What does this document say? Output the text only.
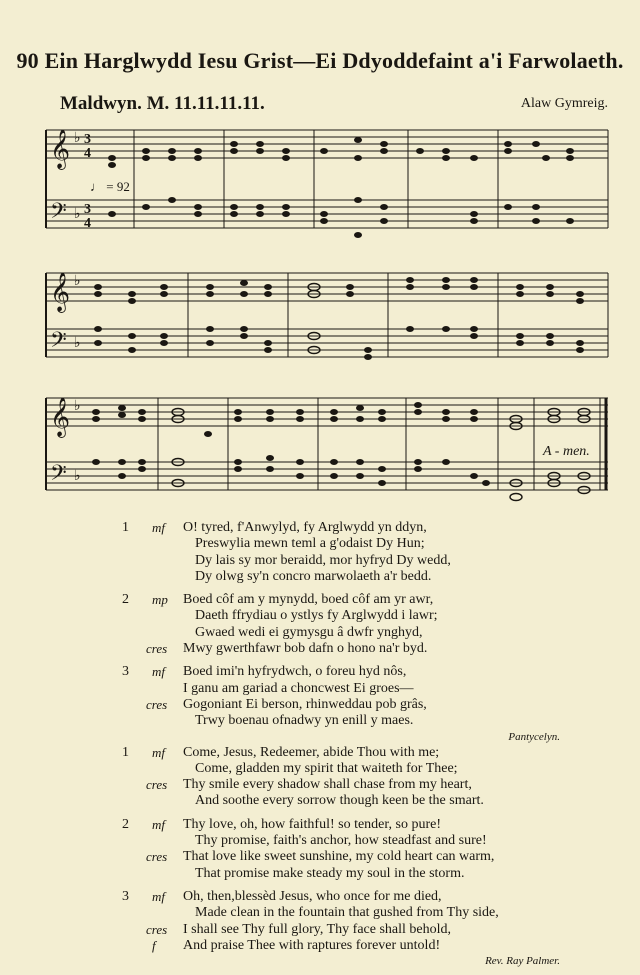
90 Ein Harglwydd Iesu Grist—Ei Ddyoddefaint a'i Farwolaeth.
Maldwyn. M. 11.11.11.11.	Alaw Gymreig.
𝄞
𝄢
♭
♭
3
4
3
4
♩ = 92
𝄞
𝄢
♭
♭
𝄞
𝄢
♭
♭
A - men.
1 mf O! tyred, f'Anwylyd, fy Arglwydd yn ddyn,
Preswylia mewn teml a g'odaist Dy Hun;
Dy lais sy mor beraidd, mor hyfryd Dy wedd,
Dy olwg sy'n concro marwolaeth a'r bedd.
2 mp Boed côf am y mynydd, boed côf am yr awr,
Daeth ffrydiau o ystlys fy Arglwydd i lawr;
Gwaed wedi ei gymysgu â dwfr ynghyd,
cres Mwy gwerthfawr bob dafn o hono na'r byd.
3 mf Boed imi'n hyfrydwch, o foreu hyd nôs,
I ganu am gariad a choncwest Ei groes—
cres Gogoniant Ei berson, rhinweddau pob grâs,
Trwy boenau ofnadwy yn enill y maes.
Pantycelyn.
1 mf Come, Jesus, Redeemer, abide Thou with me;
Come, gladden my spirit that waiteth for Thee;
cres Thy smile every shadow shall chase from my heart,
And soothe every sorrow though keen be the smart.
2 mf Thy love, oh, how faithful! so tender, so pure!
Thy promise, faith's anchor, how steadfast and sure!
cres That love like sweet sunshine, my cold heart can warm,
That promise make steady my soul in the storm.
3 mf Oh, then,blessèd Jesus, who once for me died,
Made clean in the fountain that gushed from Thy side,
cres I shall see Thy full glory, Thy face shall behold,
f And praise Thee with raptures forever untold!
Rev. Ray Palmer.
